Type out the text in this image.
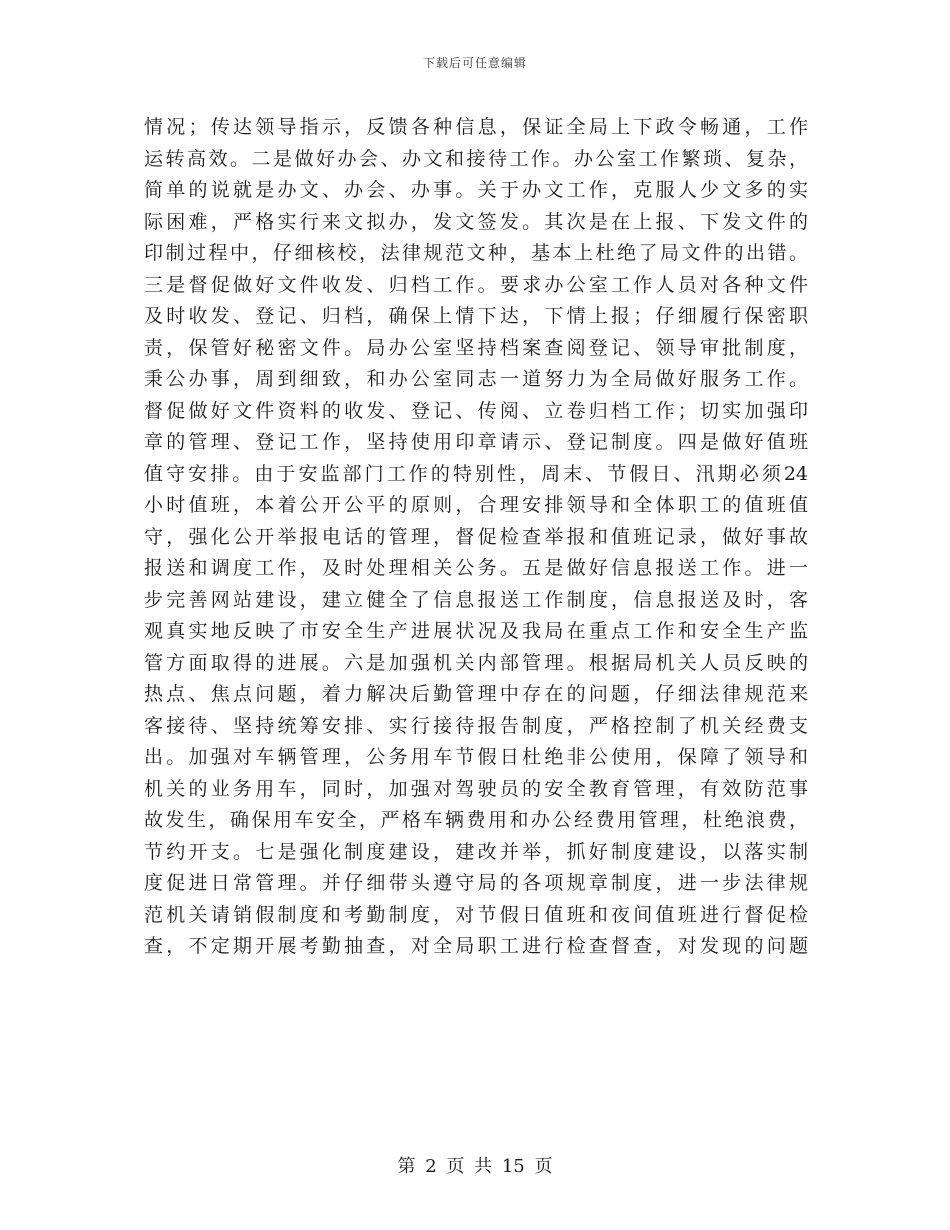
下载后可任意编辑
情况；传达领导指示，反馈各种信息，保证全局上下政令畅通，工作
运转高效。二是做好办会、办文和接待工作。办公室工作繁琐、复杂，
简单的说就是办文、办会、办事。关于办文工作，克服人少文多的实
际困难，严格实行来文拟办，发文签发。其次是在上报、下发文件的
印制过程中，仔细核校，法律规范文种，基本上杜绝了局文件的出错。
三是督促做好文件收发、归档工作。要求办公室工作人员对各种文件
及时收发、登记、归档，确保上情下达，下情上报；仔细履行保密职
责，保管好秘密文件。局办公室坚持档案查阅登记、领导审批制度，
秉公办事，周到细致，和办公室同志一道努力为全局做好服务工作。
督促做好文件资料的收发、登记、传阅、立卷归档工作；切实加强印
章的管理、登记工作，坚持使用印章请示、登记制度。四是做好值班
值守安排。由于安监部门工作的特别性，周末、节假日、汛期必须24
小时值班，本着公开公平的原则，合理安排领导和全体职工的值班值
守，强化公开举报电话的管理，督促检查举报和值班记录，做好事故
报送和调度工作，及时处理相关公务。五是做好信息报送工作。进一
步完善网站建设，建立健全了信息报送工作制度，信息报送及时，客
观真实地反映了市安全生产进展状况及我局在重点工作和安全生产监
管方面取得的进展。六是加强机关内部管理。根据局机关人员反映的
热点、焦点问题，着力解决后勤管理中存在的问题，仔细法律规范来
客接待、坚持统筹安排、实行接待报告制度，严格控制了机关经费支
出。加强对车辆管理，公务用车节假日杜绝非公使用，保障了领导和
机关的业务用车，同时，加强对驾驶员的安全教育管理，有效防范事
故发生，确保用车安全，严格车辆费用和办公经费用管理，杜绝浪费，
节约开支。七是强化制度建设，建改并举，抓好制度建设，以落实制
度促进日常管理。并仔细带头遵守局的各项规章制度，进一步法律规
范机关请销假制度和考勤制度，对节假日值班和夜间值班进行督促检
查，不定期开展考勤抽查，对全局职工进行检查督查，对发现的问题
第 2 页 共 15 页
